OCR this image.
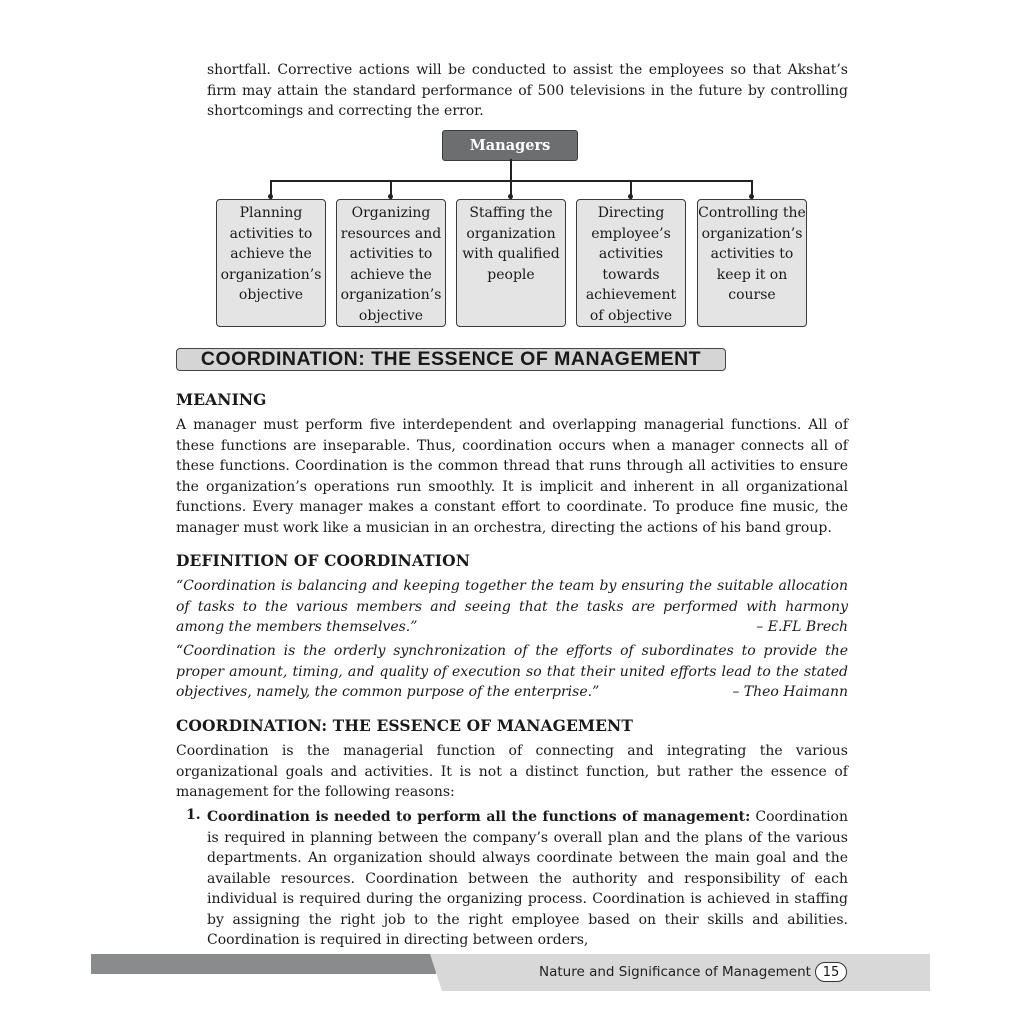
shortfall. Corrective actions will be conducted to assist the employees so that Akshat’s firm may attain the standard performance of 500 televisions in the future by controlling shortcomings and correcting the error.
Managers
Planning activities to achieve the organization’s objective
Organizing resources and activities to achieve the organization’s objective
Staffing the organization with qualified people
Directing employee’s activities towards achievement of objective
Controlling the organization’s activities to keep it on course
COORDINATION: THE ESSENCE OF MANAGEMENT
MEANING
A manager must perform five interdependent and overlapping managerial functions. All of these functions are inseparable. Thus, coordination occurs when a manager connects all of these functions. Coordination is the common thread that runs through all activities to ensure the organization’s operations run smoothly. It is implicit and inherent in all organizational functions. Every manager makes a constant effort to coordinate. To produce fine music, the manager must work like a musician in an orchestra, directing the actions of his band group.
DEFINITION OF COORDINATION
“Coordination is balancing and keeping together the team by ensuring the suitable allocation of tasks to the various members and seeing that the tasks are performed with harmony among the members themselves.”	– E.FL Brech
“Coordination is the orderly synchronization of the efforts of subordinates to provide the proper amount, timing, and quality of execution so that their united efforts lead to the stated objectives, namely, the common purpose of the enterprise.”	– Theo Haimann
COORDINATION: THE ESSENCE OF MANAGEMENT
Coordination is the managerial function of connecting and integrating the various organizational goals and activities. It is not a distinct function, but rather the essence of management for the following reasons:
1. Coordination is needed to perform all the functions of management: Coordination is required in planning between the company’s overall plan and the plans of the various departments. An organization should always coordinate between the main goal and the available resources. Coordination between the authority and responsibility of each individual is required during the organizing process. Coordination is achieved in staffing by assigning the right job to the right employee based on their skills and abilities. Coordination is required in directing between orders,
Nature and Significance of Management 15
